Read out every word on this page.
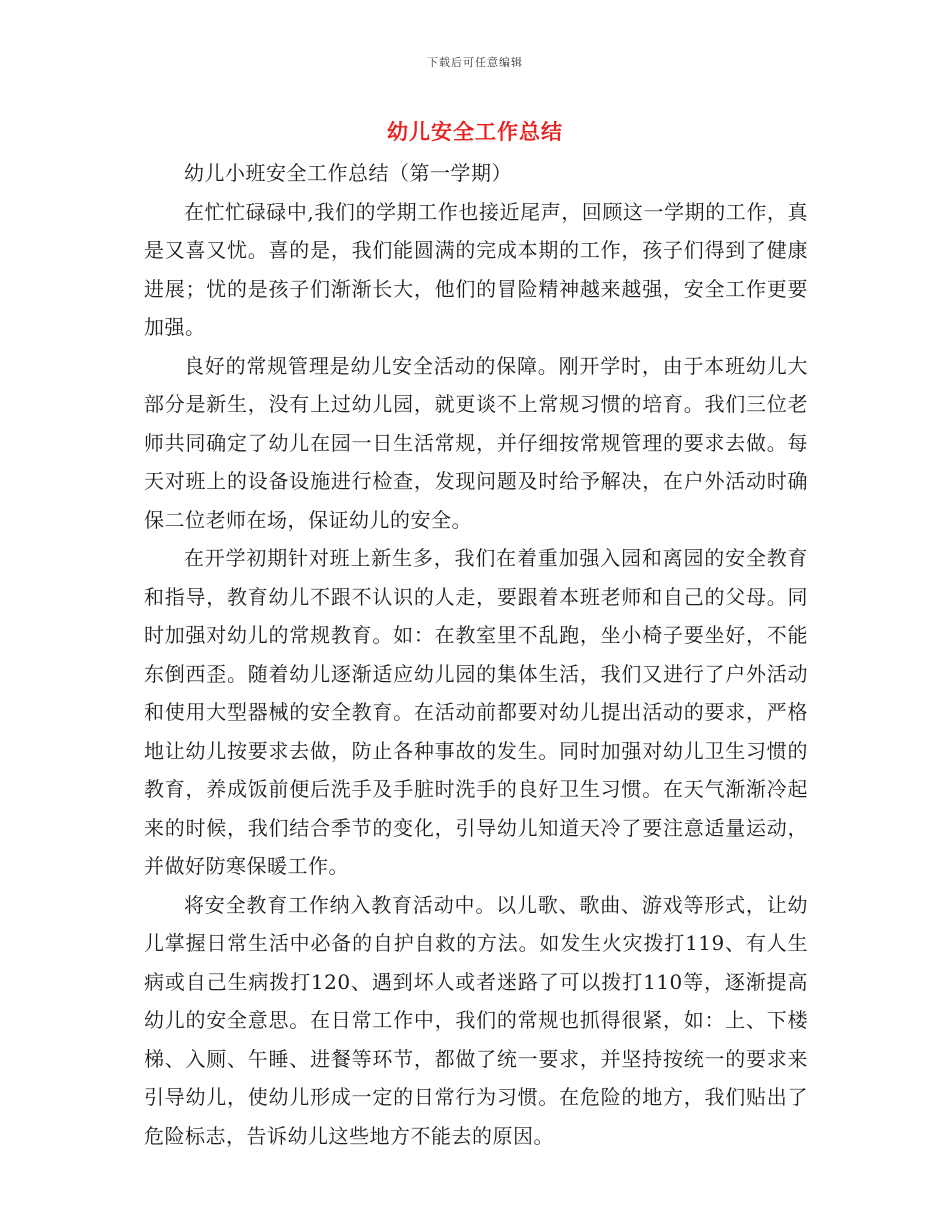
下载后可任意编辑
幼儿安全工作总结

幼儿小班安全工作总结（第一学期）

在忙忙碌碌中,我们的学期工作也接近尾声，回顾这一学期的工作，真是又喜又忧。喜的是，我们能圆满的完成本期的工作，孩子们得到了健康进展；忧的是孩子们渐渐长大，他们的冒险精神越来越强，安全工作更要加强。

良好的常规管理是幼儿安全活动的保障。刚开学时，由于本班幼儿大部分是新生，没有上过幼儿园，就更谈不上常规习惯的培育。我们三位老师共同确定了幼儿在园一日生活常规，并仔细按常规管理的要求去做。每天对班上的设备设施进行检查，发现问题及时给予解决，在户外活动时确保二位老师在场，保证幼儿的安全。

在开学初期针对班上新生多，我们在着重加强入园和离园的安全教育和指导，教育幼儿不跟不认识的人走，要跟着本班老师和自己的父母。同时加强对幼儿的常规教育。如：在教室里不乱跑，坐小椅子要坐好，不能东倒西歪。随着幼儿逐渐适应幼儿园的集体生活，我们又进行了户外活动和使用大型器械的安全教育。在活动前都要对幼儿提出活动的要求，严格地让幼儿按要求去做，防止各种事故的发生。同时加强对幼儿卫生习惯的教育，养成饭前便后洗手及手脏时洗手的良好卫生习惯。在天气渐渐冷起来的时候，我们结合季节的变化，引导幼儿知道天冷了要注意适量运动，并做好防寒保暖工作。

将安全教育工作纳入教育活动中。以儿歌、歌曲、游戏等形式，让幼儿掌握日常生活中必备的自护自救的方法。如发生火灾拨打119、有人生病或自己生病拨打120、遇到坏人或者迷路了可以拨打110等，逐渐提高幼儿的安全意思。在日常工作中，我们的常规也抓得很紧，如：上、下楼梯、入厕、午睡、进餐等环节，都做了统一要求，并坚持按统一的要求来引导幼儿，使幼儿形成一定的日常行为习惯。在危险的地方，我们贴出了危险标志，告诉幼儿这些地方不能去的原因。
